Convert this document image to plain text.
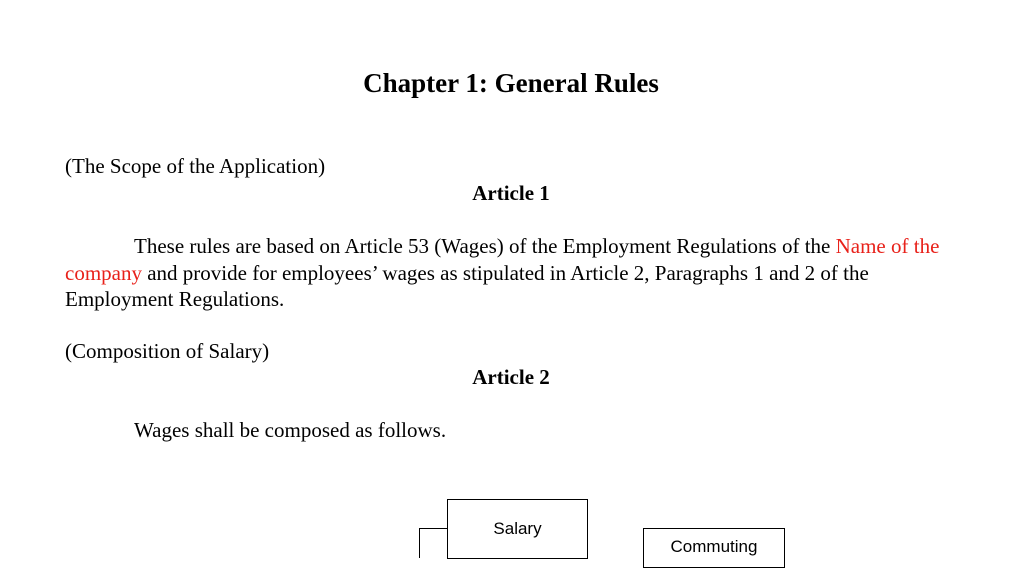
Chapter 1: General Rules

(The Scope of the Application)

Article 1

These rules are based on Article 53 (Wages) of the Employment Regulations of the Name of the company and provide for employees’ wages as stipulated in Article 2, Paragraphs 1 and 2 of the Employment Regulations.

(Composition of Salary)

Article 2

Wages shall be composed as follows.

Salary
Commuting
